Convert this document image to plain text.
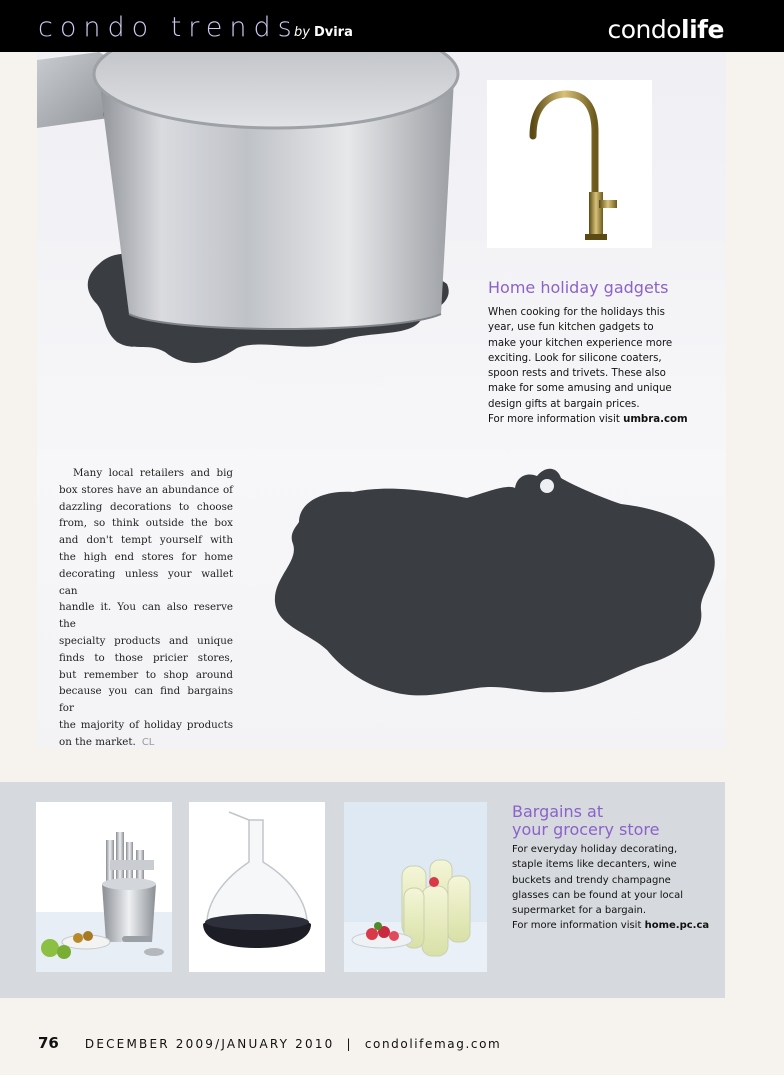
condo trends
by Dvira	condolife
Home holiday gadgets
When cooking for the holidays this
year, use fun kitchen gadgets to
make your kitchen experience more
exciting. Look for silicone coaters,
spoon rests and trivets. These also
make for some amusing and unique
design gifts at bargain prices.
For more information visit umbra.com
Many local retailers and big
box stores have an abundance of
dazzling decorations to choose
from, so think outside the box
and don't tempt yourself with
the high end stores for home
decorating unless your wallet can
handle it. You can also reserve the
specialty products and unique
finds to those pricier stores,
but remember to shop around
because you can find bargains for
the majority of holiday products
on the market. CL
Bargains at
your grocery store
For everyday holiday decorating,
staple items like decanters, wine
buckets and trendy champagne
glasses can be found at your local
supermarket for a bargain.
For more information visit home.pc.ca
76 DECEMBER 2009/JANUARY 2010 | condolifemag.com
